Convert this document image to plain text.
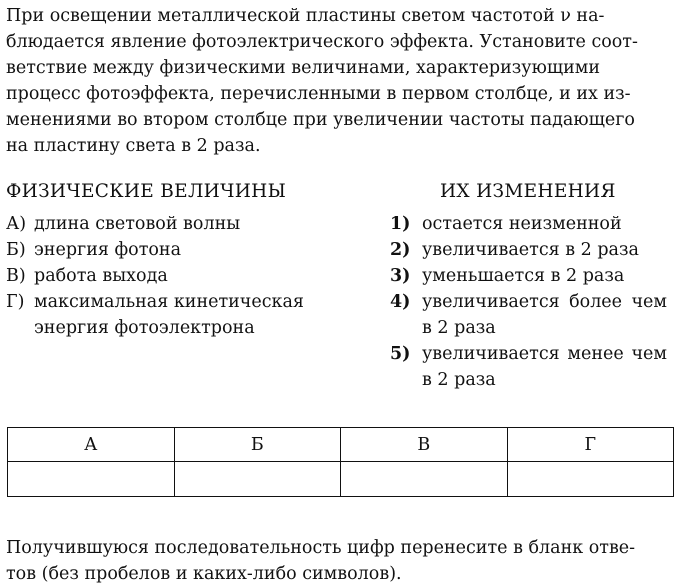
При освещении металлической пластины светом частотой ν на-
блюдается явление фотоэлектрического эффекта. Установите соот-
ветствие между физическими величинами, характеризующими
процесс фотоэффекта, перечисленными в первом столбце, и их из-
менениями во втором столбце при увеличении частоты падающего
на пластину света в 2 раза.
ФИЗИЧЕСКИЕ ВЕЛИЧИНЫ	ИХ ИЗМЕНЕНИЯ
А) длина световой волны
Б) энергия фотона
В) работа выхода
Г) максимальная кинетическая энергия фотоэлектрона
1) остается неизменной
2) увеличивается в 2 раза
3) уменьшается в 2 раза
4) увеличивается более чем в 2 раза
5) увеличивается менее чем в 2 раза
А	Б	В	Г

Получившуюся последовательность цифр перенесите в бланк отве-
тов (без пробелов и каких-либо символов).
